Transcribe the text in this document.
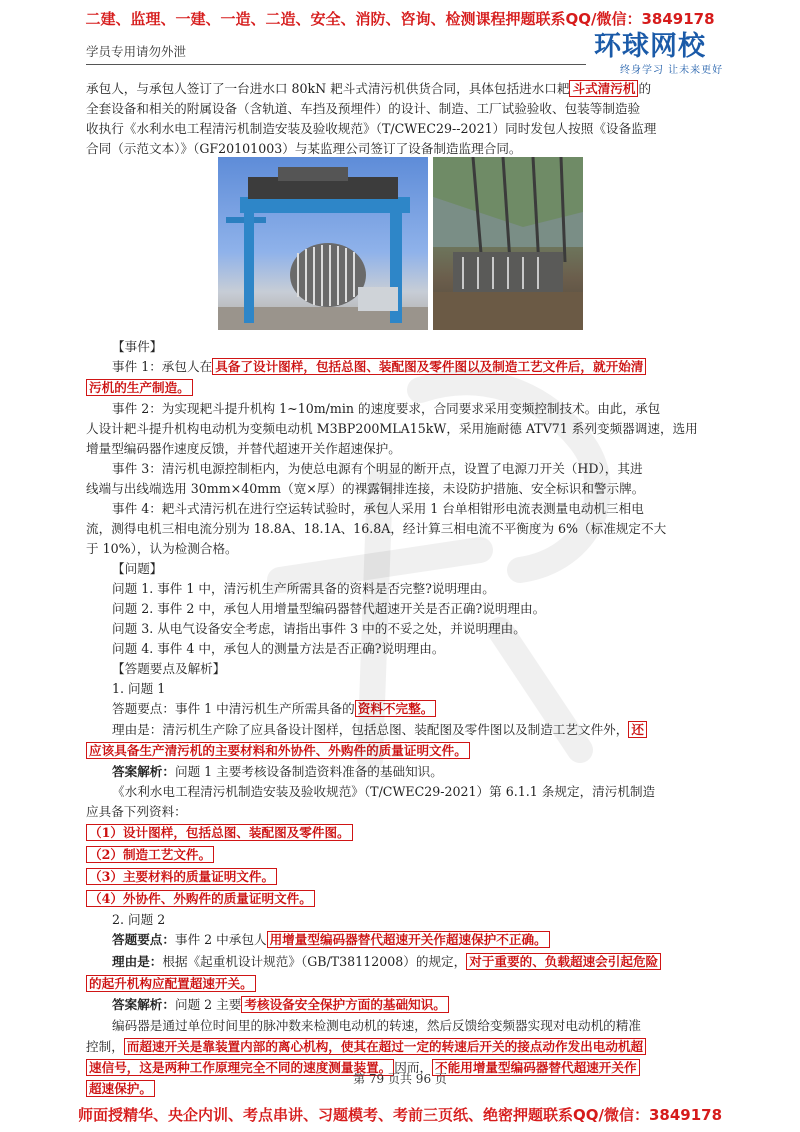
二建、监理、一建、一造、二造、安全、消防、咨询、检测课程押题联系QQ/微信：3849178
学员专用请勿外泄	环球网校
终身学习 让未来更好
承包人，与承包人签订了一台进水口 80kN 耙斗式清污机供货合同，具体包括进水口耙 斗式清污机 的
全套设备和相关的附属设备（含轨道、车挡及预埋件）的设计、制造、工厂试验验收、包装等制造验
收执行《水利水电工程清污机制造安装及验收规范》（T/CWEC29--2021）同时发包人按照《设备监理
合同（示范文本）》（GF20101003）与某监理公司签订了设备制造监理合同。
【事件】
事件 1：承包人在 具备了设计图样，包括总图、装配图及零件图以及制造工艺文件后，就开始清
污机的生产制造。
事件 2：为实现耙斗提升机构 1~10m/min 的速度要求，合同要求采用变频控制技术。由此，承包
人设计耙斗提升机构电动机为变频电动机 M3BP200MLA15kW，采用施耐德 ATV71 系列变频器调速，选用
增量型编码器作速度反馈，并替代超速开关作超速保护。
事件 3：清污机电源控制柜内，为使总电源有个明显的断开点，设置了电源刀开关（HD），其进
线端与出线端选用 30mm×40mm（宽×厚）的裸露铜排连接，未设防护措施、安全标识和警示牌。
事件 4：耙斗式清污机在进行空运转试验时，承包人采用 1 台单相钳形电流表测量电动机三相电
流，测得电机三相电流分别为 18.8A、18.1A、16.8A，经计算三相电流不平衡度为 6%（标准规定不大
于 10%），认为检测合格。
【问题】
问题 1. 事件 1 中，清污机生产所需具备的资料是否完整?说明理由。
问题 2. 事件 2 中，承包人用增量型编码器替代超速开关是否正确?说明理由。
问题 3. 从电气设备安全考虑，请指出事件 3 中的不妥之处，并说明理由。
问题 4. 事件 4 中，承包人的测量方法是否正确?说明理由。
【答题要点及解析】
1. 问题 1
答题要点：事件 1 中清污机生产所需具备的 资料不完整。
理由是：清污机生产除了应具备设计图样，包括总图、装配图及零件图以及制造工艺文件外， 还
应该具备生产清污机的主要材料和外协件、外购件的质量证明文件。
答案解析：问题 1 主要考核设备制造资料准备的基础知识。
《水利水电工程清污机制造安装及验收规范》（T/CWEC29-2021）第 6.1.1 条规定，清污机制造
应具备下列资料：
（1）设计图样，包括总图、装配图及零件图。
（2）制造工艺文件。
（3）主要材料的质量证明文件。
（4）外协件、外购件的质量证明文件。
2. 问题 2
答题要点：事件 2 中承包人 用增量型编码器替代超速开关作超速保护不正确。
理由是：根据《起重机设计规范》（GB/T38112008）的规定， 对于重要的、负载超速会引起危险
的起升机构应配置超速开关。
答案解析：问题 2 主要 考核设备安全保护方面的基础知识。
编码器是通过单位时间里的脉冲数来检测电动机的转速，然后反馈给变频器实现对电动机的精准
控制， 而超速开关是靠装置内部的离心机构，使其在超过一定的转速后开关的接点动作发出电动机超
速信号，这是两种工作原理完全不同的速度测量装置。 因而， 不能用增量型编码器替代超速开关作
超速保护。
第 79 页共 96 页
师面授精华、央企内训、考点串讲、习题模考、考前三页纸、绝密押题联系QQ/微信：3849178
